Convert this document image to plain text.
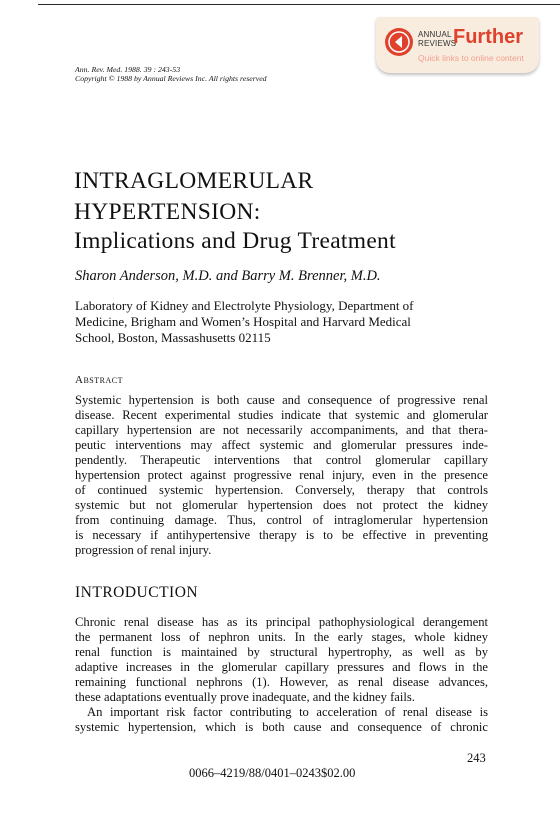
ANNUAL
REVIEWS
Further
Quick links to online content
Ann. Rev. Med. 1988. 39 : 243-53
Copyright © 1988 by Annual Reviews Inc. All rights reserved
INTRAGLOMERULAR
HYPERTENSION:
Implications and Drug Treatment
Sharon Anderson, M.D. and Barry M. Brenner, M.D.
Laboratory of Kidney and Electrolyte Physiology, Department of
Medicine, Brigham and Women’s Hospital and Harvard Medical
School, Boston, Massashusetts 02115
Abstract
Systemic hypertension is both cause and consequence of progressive renal
disease. Recent experimental studies indicate that systemic and glomerular
capillary hypertension are not necessarily accompaniments, and that thera-
peutic interventions may affect systemic and glomerular pressures inde-
pendently. Therapeutic interventions that control glomerular capillary
hypertension protect against progressive renal injury, even in the presence
of continued systemic hypertension. Conversely, therapy that controls
systemic but not glomerular hypertension does not protect the kidney
from continuing damage. Thus, control of intraglomerular hypertension
is necessary if antihypertensive therapy is to be effective in preventing
progression of renal injury.
INTRODUCTION
Chronic renal disease has as its principal pathophysiological derangement
the permanent loss of nephron units. In the early stages, whole kidney
renal function is maintained by structural hypertrophy, as well as by
adaptive increases in the glomerular capillary pressures and flows in the
remaining functional nephrons (1). However, as renal disease advances,
these adaptations eventually prove inadequate, and the kidney fails.
An important risk factor contributing to acceleration of renal disease is
systemic hypertension, which is both cause and consequence of chronic
243
0066–4219/88/0401–0243$02.00
